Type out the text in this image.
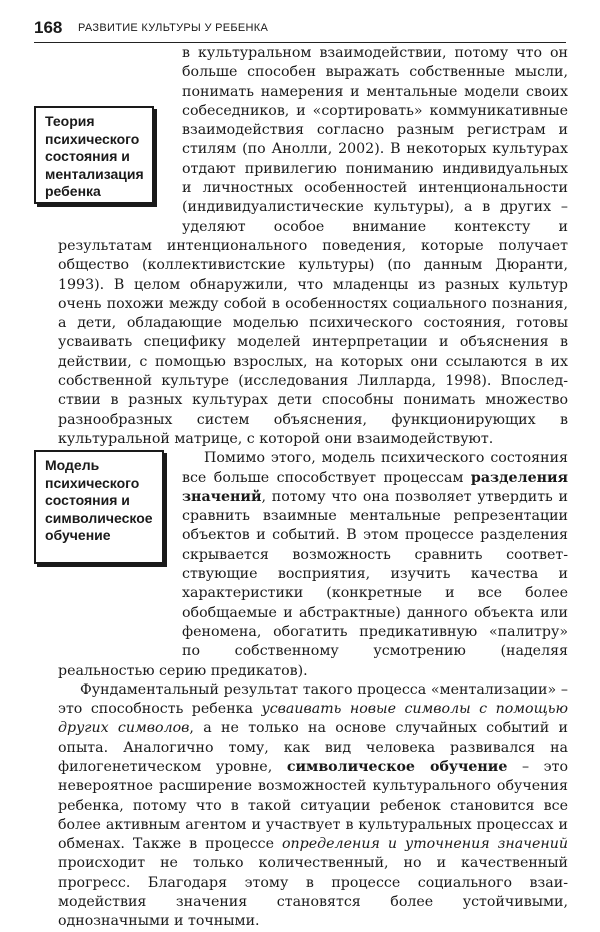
168 РАЗВИТИЕ КУЛЬТУРЫ У РЕБЕНКА

в культуральном взаимодействии, потому что он больше способен выражать собственные мысли, понимать намерения и ментальные модели своих собеседников, и «сортировать» коммуникативные взаимодействия согласно разным регистрам и стилям (по Анолли, 2002). В некоторых культурах отдают привилегию пониманию индивидуальных и личностных особенностей интенциональности (индивидуалистические культуры), а в других – уделяют особое внимание контексту и результатам интенционального поведения, которые получает общество (коллективистские культуры) (по данным Дюранти, 1993). В целом обнаружили, что младенцы из разных культур очень похожи между собой в особенностях социального познания, а дети, обладающие моделью психического состояния, готовы усваивать специфику моделей интерпретации и объяснения в действии, с помощью взрослых, на которых они ссылаются в их собственной культуре (исследования Лилларда, 1998). Впоследствии в разных культурах дети способны понимать множество разнообразных систем объяснения, функционирующих в культуральной матрице, с которой они взаимодействуют.

Помимо этого, модель психического состояния все больше способствует процессам разделения значений, потому что она позволяет утвердить и сравнить взаимные ментальные репрезентации объектов и событий. В этом процессе разделения скрывается возможность сравнить соответствующие восприятия, изучить качества и характеристики (конкретные и все более обобщаемые и абстрактные) данного объекта или феномена, обогатить предикативную «палитру» по собственному усмотрению (наделяя реальностью серию предикатов).

Фундаментальный результат такого процесса «ментализации» – это способность ребенка усваивать новые символы с помощью других символов, а не только на основе случайных событий и опыта. Аналогично тому, как вид человека развивался на филогенетическом уровне, символическое обучение – это невероятное расширение возможностей культурального обучения ребенка, потому что в такой ситуации ребенок становится все более активным агентом и участвует в культуральных процессах и обменах. Также в процессе определения и уточнения значений происходит не только количественный, но и качественный прогресс. Благодаря этому в процессе социального взаимодействия значения становятся более устойчивыми, однозначными и точными.

Теория
психического
состояния и
ментализация
ребенка
Модель
психического
состояния и
символическое
обучение
